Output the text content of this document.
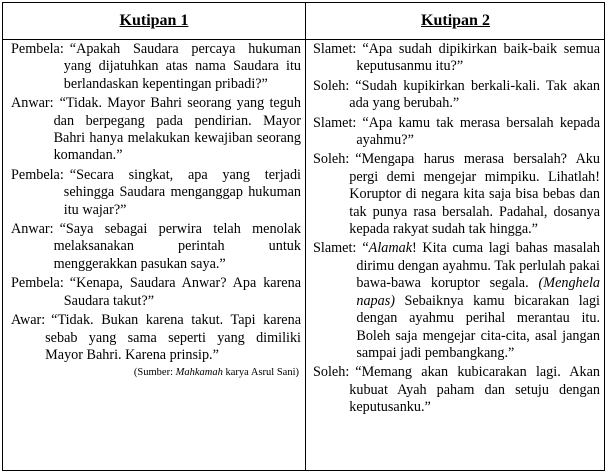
Kutipan 1	Kutipan 2
Pembela: “Apakah Saudara percaya hukuman yang dijatuhkan atas nama Saudara itu berlandaskan kepentingan pribadi?”
Anwar: “Tidak. Mayor Bahri seorang yang teguh dan berpegang pada pendirian. Mayor Bahri hanya melakukan kewajiban seorang komandan.”
Pembela: “Secara singkat, apa yang terjadi sehingga Saudara menganggap hukuman itu wajar?”
Anwar: “Saya sebagai perwira telah menolak melaksanakan perintah untuk menggerakkan pasukan saya.”
Pembela: “Kenapa, Saudara Anwar? Apa karena Saudara takut?”
Awar: “Tidak. Bukan karena takut. Tapi karena sebab yang sama seperti yang dimiliki Mayor Bahri. Karena prinsip.”
(Sumber: Mahkamah karya Asrul Sani)
Slamet: “Apa sudah dipikirkan baik-baik semua keputusanmu itu?”
Soleh: “Sudah kupikirkan berkali-kali. Tak akan ada yang berubah.”
Slamet: “Apa kamu tak merasa bersalah kepada ayahmu?”
Soleh: “Mengapa harus merasa bersalah? Aku pergi demi mengejar mimpiku. Lihatlah! Koruptor di negara kita saja bisa bebas dan tak punya rasa bersalah. Padahal, dosanya kepada rakyat sudah tak hingga.”
Slamet: “Alamak! Kita cuma lagi bahas masalah dirimu dengan ayahmu. Tak perlulah pakai bawa-bawa koruptor segala. (Menghela napas) Sebaiknya kamu bicarakan lagi dengan ayahmu perihal merantau itu. Boleh saja mengejar cita-cita, asal jangan sampai jadi pembangkang.”
Soleh: “Memang akan kubicarakan lagi. Akan kubuat Ayah paham dan setuju dengan keputusanku.”
